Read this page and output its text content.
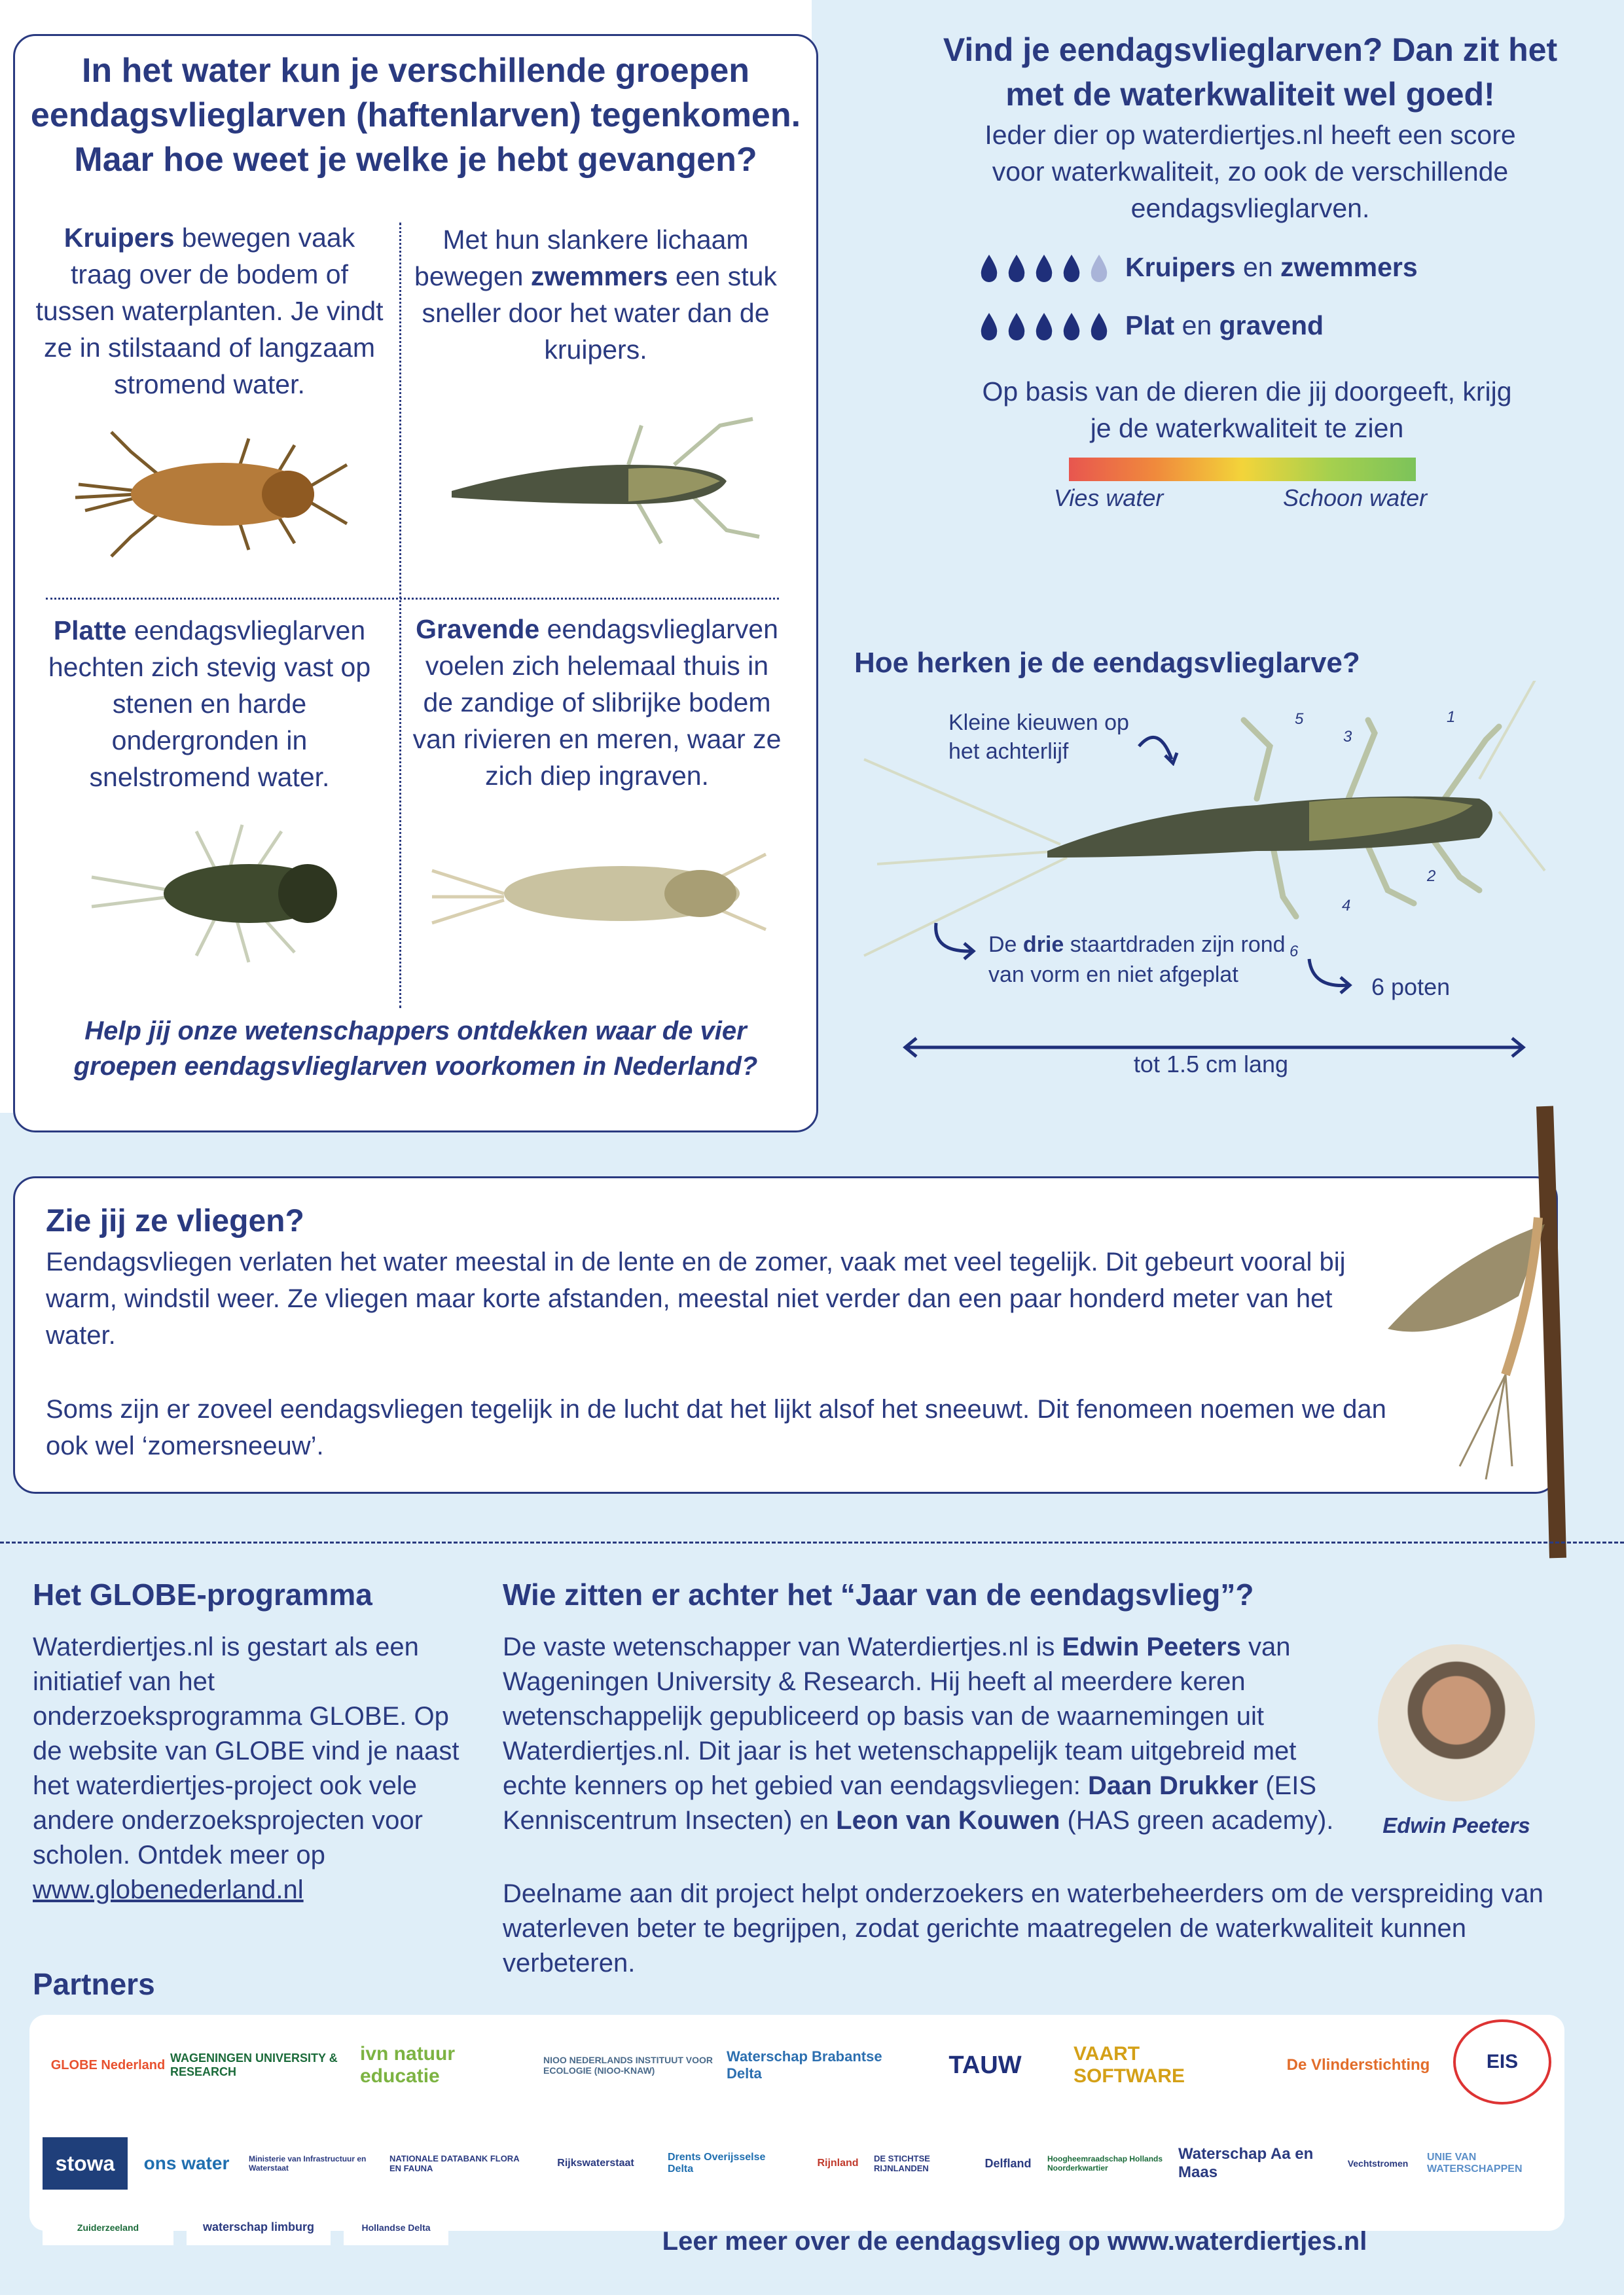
In het water kun je verschillende groepen eendagsvlieglarven (haftenlarven) tegenkomen. Maar hoe weet je welke je hebt gevangen?
Kruipers bewegen vaak traag over de bodem of tussen waterplanten. Je vindt ze in stilstaand of langzaam stromend water.
Met hun slankere lichaam bewegen zwemmers een stuk sneller door het water dan de kruipers.
Platte eendagsvlieglarven hechten zich stevig vast op stenen en harde ondergronden in snelstromend water.
Gravende eendagsvlieglarven voelen zich helemaal thuis in de zandige of slibrijke bodem van rivieren en meren, waar ze zich diep ingraven.
Help jij onze wetenschappers ontdekken waar de vier groepen eendagsvlieglarven voorkomen in Nederland?
Vind je eendagsvlieglarven? Dan zit het met de waterkwaliteit wel goed!
Ieder dier op waterdiertjes.nl heeft een score voor waterkwaliteit, zo ook de verschillende eendagsvlieglarven.
Kruipers en zwemmers
Plat en gravend
Op basis van de dieren die jij doorgeeft, krijg je de waterkwaliteit te zien
Vies water	Schoon water
Hoe herken je de eendagsvlieglarve?
Kleine kieuwen op het achterlijf
1
2
3
4
5
6
De drie staartdraden zijn rond van vorm en niet afgeplat	6 poten
tot 1.5 cm lang
Zie jij ze vliegen?
Eendagsvliegen verlaten het water meestal in de lente en de zomer, vaak met veel tegelijk. Dit gebeurt vooral bij warm, windstil weer. Ze vliegen maar korte afstanden, meestal niet verder dan een paar honderd meter van het water.
Soms zijn er zoveel eendagsvliegen tegelijk in de lucht dat het lijkt alsof het sneeuwt. Dit fenomeen noemen we dan ook wel ‘zomersneeuw’.
Het GLOBE-programma
Waterdiertjes.nl is gestart als een initiatief van het onderzoeksprogramma GLOBE. Op de website van GLOBE vind je naast het waterdiertjes-project ook vele andere onderzoeksprojecten voor scholen. Ontdek meer op
www.globenederland.nl
Wie zitten er achter het “Jaar van de eendagsvlieg”?
De vaste wetenschapper van Waterdiertjes.nl is Edwin Peeters van Wageningen University & Research. Hij heeft al meerdere keren wetenschappelijk gepubliceerd op basis van de waarnemingen uit Waterdiertjes.nl. Dit jaar is het wetenschappelijk team uitgebreid met echte kenners op het gebied van eendagsvliegen: Daan Drukker (EIS Kenniscentrum Insecten) en Leon van Kouwen (HAS green academy).
Deelname aan dit project helpt onderzoekers en waterbeheerders om de verspreiding van waterleven beter te begrijpen, zodat gerichte maatregelen de waterkwaliteit kunnen verbeteren.
Edwin Peeters
Partners
GLOBE Nederland WAGENINGEN UNIVERSITY & RESEARCH
ivn natuur educatie
NIOO NEDERLANDS INSTITUUT VOOR ECOLOGIE (NIOO-KNAW)
Waterschap Brabantse Delta	TAUW	VAART SOFTWARE
De Vlinderstichting	EIS
stowa	ons water	Ministerie van Infrastructuur en Waterstaat
NATIONALE DATABANK FLORA EN FAUNA	Rijkswaterstaat
Drents Overijsselse Delta
Rijnland	DE STICHTSE RIJNLANDEN	Delfland	Hoogheemraadschap Hollands Noorderkwartier
Waterschap Aa en Maas	Vechtstromen
UNIE VAN WATERSCHAPPEN
Zuiderzeeland	waterschap limburg	Hollandse Delta	Leer meer over de eendagsvlieg op www.waterdiertjes.nl
